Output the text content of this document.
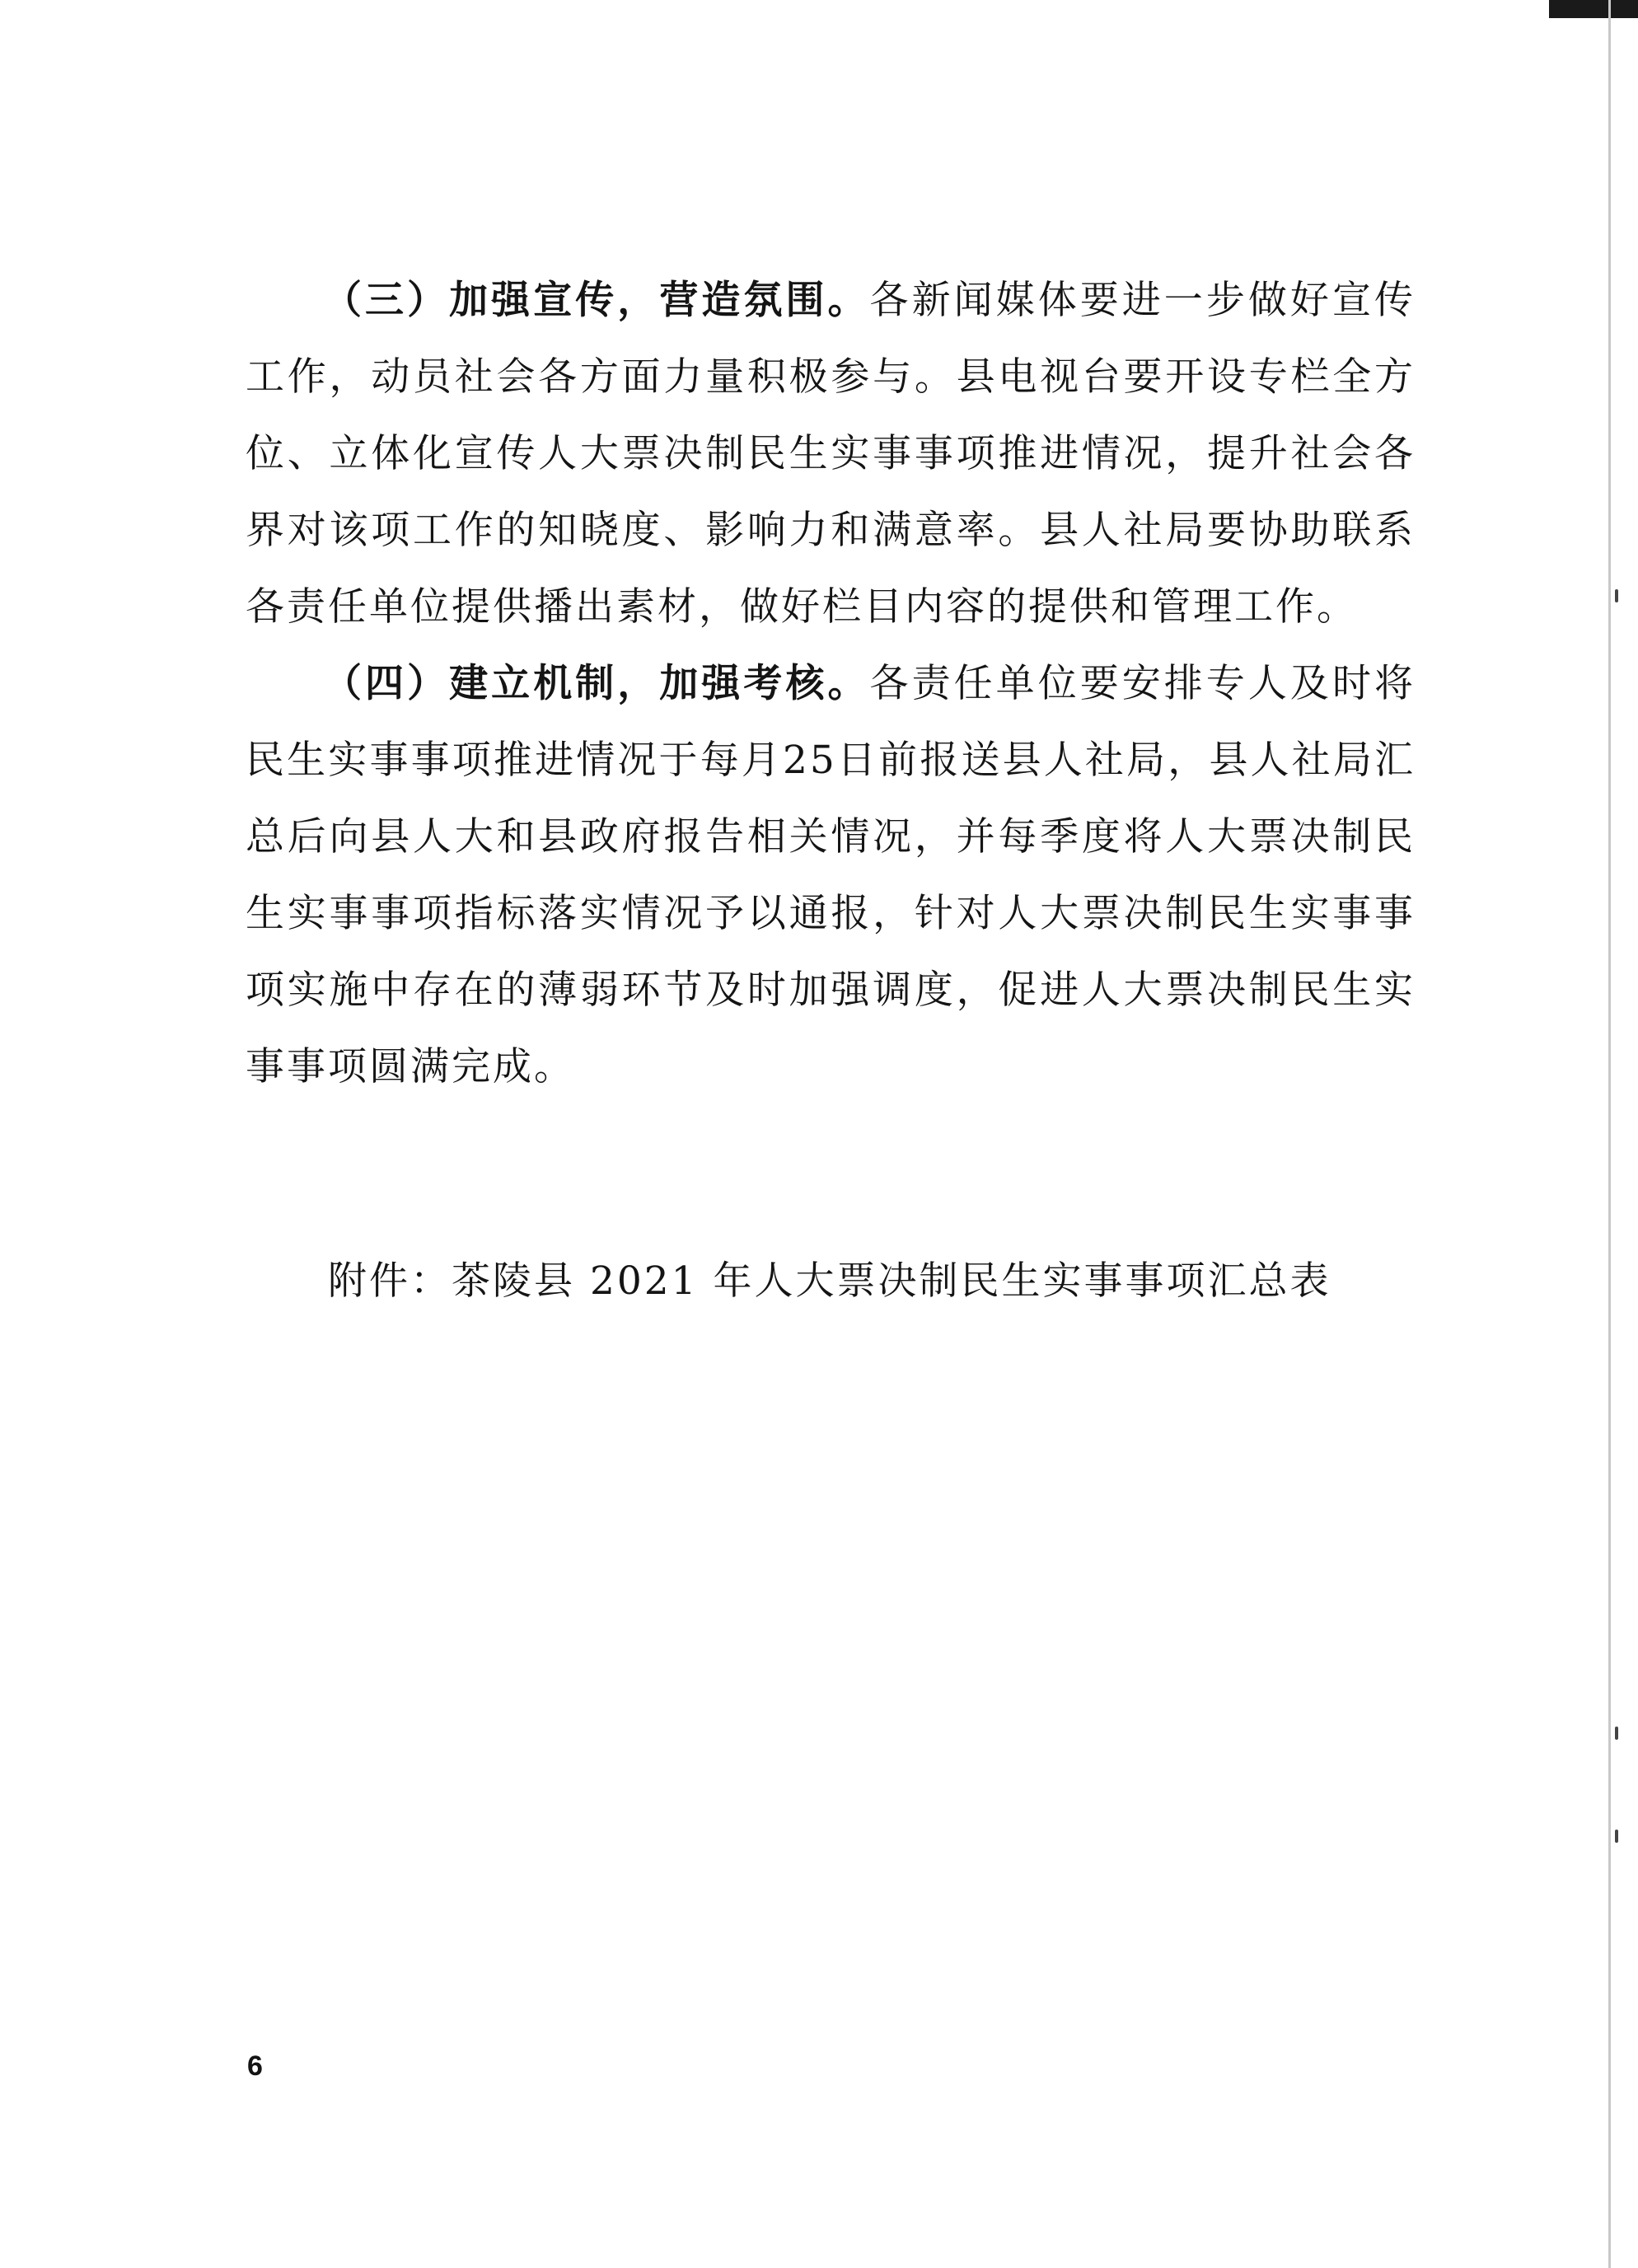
（三）加强宣传，营造氛围。各新闻媒体要进一步做好宣传工作，动员社会各方面力量积极参与。县电视台要开设专栏全方位、立体化宣传人大票决制民生实事事项推进情况，提升社会各界对该项工作的知晓度、影响力和满意率。县人社局要协助联系各责任单位提供播出素材，做好栏目内容的提供和管理工作。

（四）建立机制，加强考核。各责任单位要安排专人及时将民生实事事项推进情况于每月25日前报送县人社局，县人社局汇总后向县人大和县政府报告相关情况，并每季度将人大票决制民生实事事项指标落实情况予以通报，针对人大票决制民生实事事项实施中存在的薄弱环节及时加强调度，促进人大票决制民生实事事项圆满完成。

附件：茶陵县 2021 年人大票决制民生实事事项汇总表
6
